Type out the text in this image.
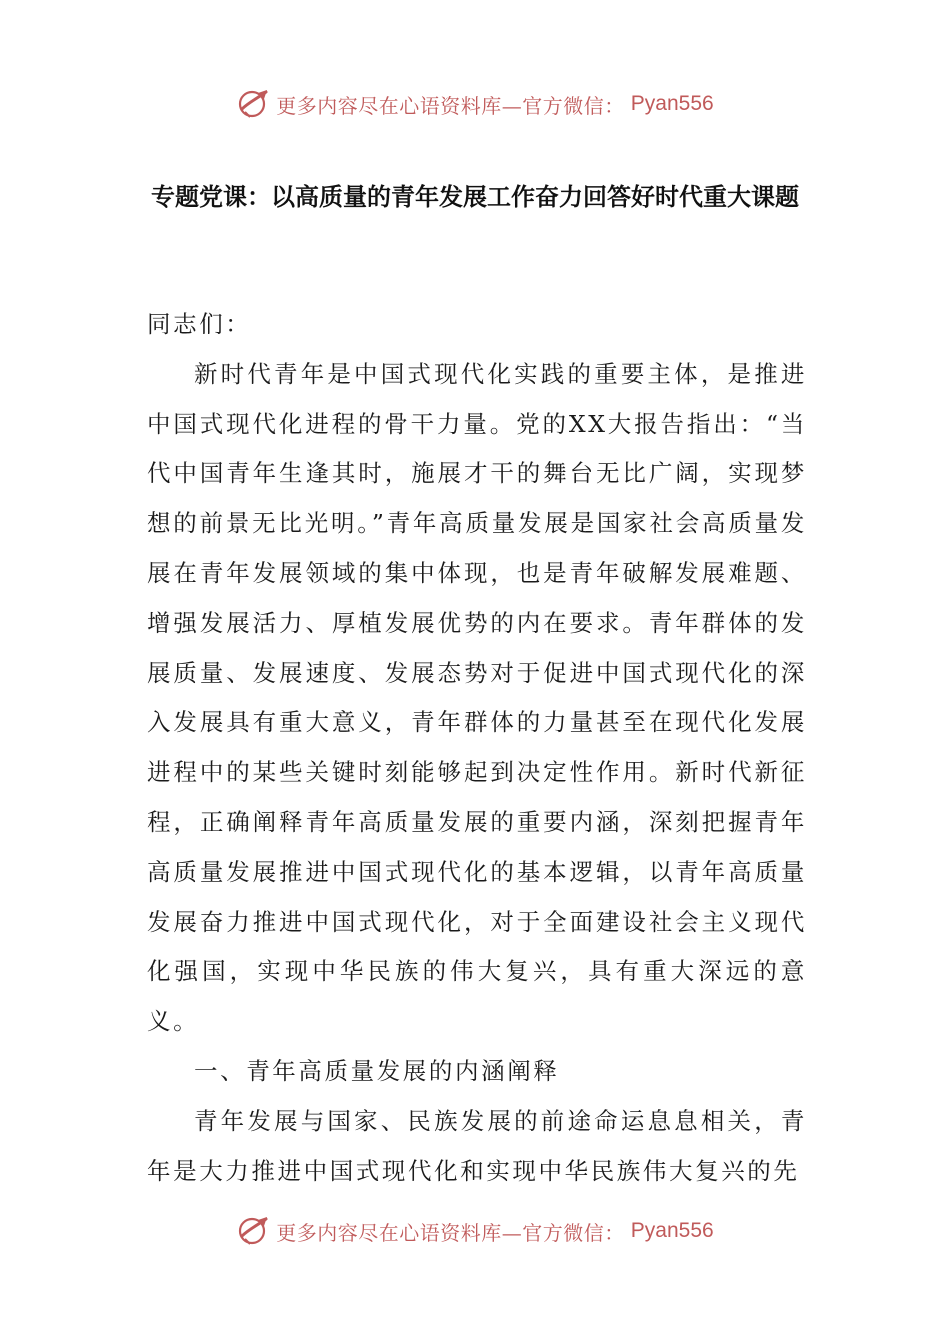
更多内容尽在心语资料库—官方微信： Pyan556
专题党课：以高质量的青年发展工作奋力回答好时代重大课题

同志们：

新时代青年是中国式现代化实践的重要主体，是推进中国式现代化进程的骨干力量。党的XX大报告指出：“当代中国青年生逢其时，施展才干的舞台无比广阔，实现梦想的前景无比光明。”青年高质量发展是国家社会高质量发展在青年发展领域的集中体现，也是青年破解发展难题、增强发展活力、厚植发展优势的内在要求。青年群体的发展质量、发展速度、发展态势对于促进中国式现代化的深入发展具有重大意义，青年群体的力量甚至在现代化发展进程中的某些关键时刻能够起到决定性作用。新时代新征程，正确阐释青年高质量发展的重要内涵，深刻把握青年高质量发展推进中国式现代化的基本逻辑，以青年高质量发展奋力推进中国式现代化，对于全面建设社会主义现代化强国，实现中华民族的伟大复兴，具有重大深远的意义。

一、青年高质量发展的内涵阐释

青年发展与国家、民族发展的前途命运息息相关，青年是大力推进中国式现代化和实现中华民族伟大复兴的先

更多内容尽在心语资料库—官方微信： Pyan556
